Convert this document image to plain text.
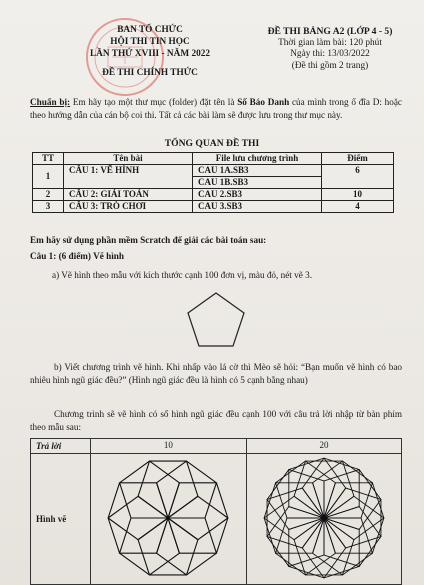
BAN TỔ CHỨC
HỘI THI TIN HỌC
LẦN THỨ XVIII - NĂM 2022
ĐỀ THI CHÍNH THỨC
ĐỀ THI BẢNG A2 (LỚP 4 - 5)
Thời gian làm bài: 120 phút
Ngày thi: 13/03/2022
(Đề thi gồm 2 trang)
Chuẩn bị: Em hãy tạo một thư mục (folder) đặt tên là Số Báo Danh của mình trong ổ đĩa D: hoặc theo hướng dẫn của cán bộ coi thi. Tất cả các bài làm sẽ được lưu trong thư mục này.
TỔNG QUAN ĐỀ THI
TT	Tên bài	File lưu chương trình	Điểm
1	CÂU 1: VẼ HÌNH	CAU 1A.SB3	6
		CAU 1B.SB3	
2	CÂU 2: GIẢI TOÁN	CAU 2.SB3	10
3	CÂU 3: TRÒ CHƠI	CAU 3.SB3	4
Em hãy sử dụng phần mềm Scratch để giải các bài toán sau:
Câu 1: (6 điểm) Vẽ hình
a) Vẽ hình theo mẫu với kích thước cạnh 100 đơn vị, màu đỏ, nét vẽ 3.
b) Viết chương trình vẽ hình. Khi nhấp vào lá cờ thì Mèo sẽ hỏi: “Bạn muốn vẽ hình có bao nhiêu hình ngũ giác đều?” (Hình ngũ giác đều là hình có 5 cạnh bằng nhau)
Chương trình sẽ vẽ hình có số hình ngũ giác đều cạnh 100 với câu trả lời nhập từ bàn phím theo mẫu sau:
Trả lời	10	20
Hình vẽ		
